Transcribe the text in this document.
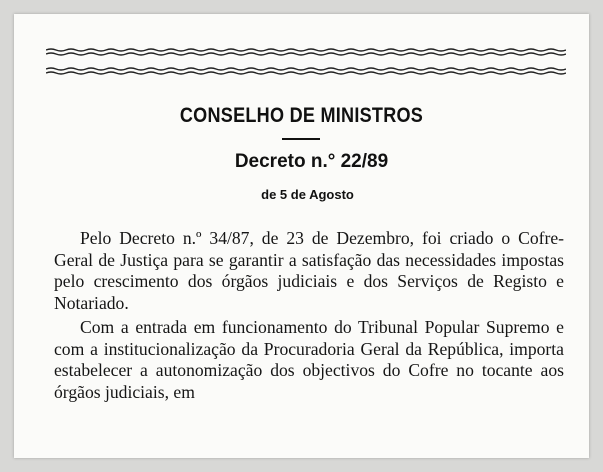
CONSELHO DE MINISTROS
Decreto n.° 22/89
de 5 de Agosto

Pelo Decreto n.º 34/87, de 23 de Dezembro, foi criado o Cofre-Geral de Justiça para se garantir a satisfação das necessidades impostas pelo crescimento dos órgãos judiciais e dos Serviços de Registo e Notariado.

Com a entrada em funcionamento do Tribunal Popular Supremo e com a institucionalização da Procuradoria Geral da República, importa estabelecer a autonomização dos objectivos do Cofre no tocante aos órgãos judiciais, em
